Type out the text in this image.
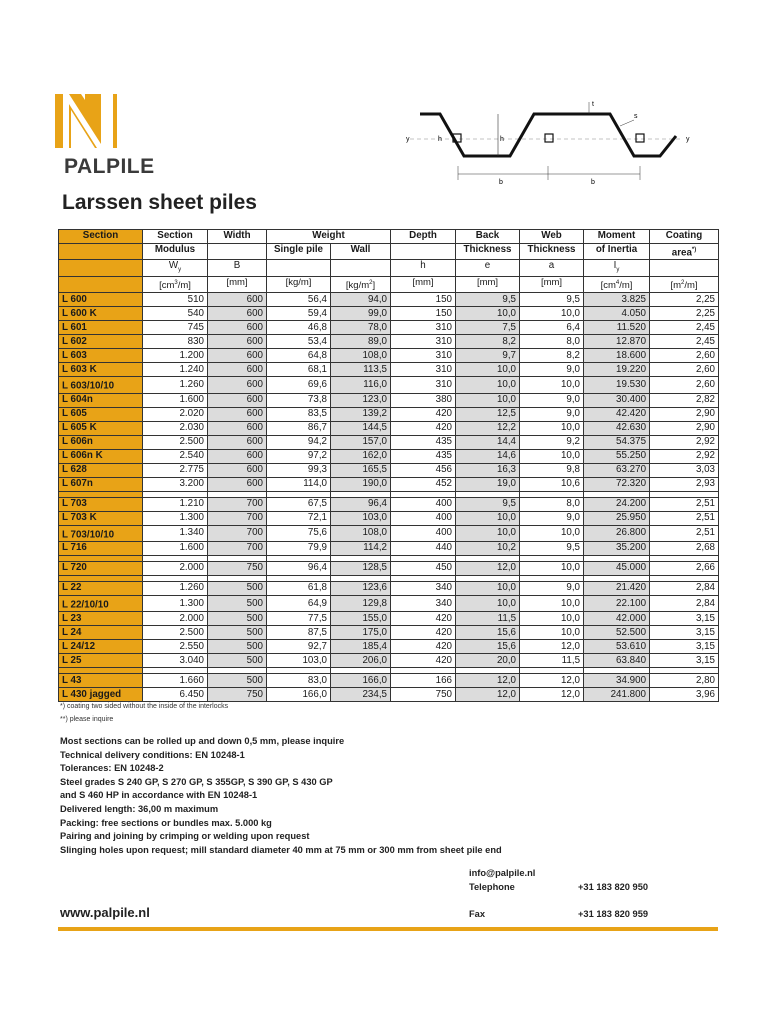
PALPILE
y	y
h	h
t
s
b	b
Larssen sheet piles
Section	Section	Width	Weight		Depth	Back	Web	Moment	Coating
	Modulus		Single pile	Wall		Thickness	Thickness	of Inertia	area*)
	$W_y$	B			h	e	a	$I_y$	
	$[cm^3/m]$	[mm]	[kg/m]	$[kg/m^2]$	[mm]	[mm]	[mm]	$[cm^4/m]$	$[m^2/m]$
L 600	510	600	56,4	94,0	150	9,5	9,5	3.825	2,25
L 600 K	540	600	59,4	99,0	150	10,0	10,0	4.050	2,25
L 601	745	600	46,8	78,0	310	7,5	6,4	11.520	2,45
L 602	830	600	53,4	89,0	310	8,2	8,0	12.870	2,45
L 603	1.200	600	64,8	108,0	310	9,7	8,2	18.600	2,60
L 603 K	1.240	600	68,1	113,5	310	10,0	9,0	19.220	2,60
L 603/10/10	1.260	600	69,6	116,0	310	10,0	10,0	19.530	2,60
L 604n	1.600	600	73,8	123,0	380	10,0	9,0	30.400	2,82
L 605	2.020	600	83,5	139,2	420	12,5	9,0	42.420	2,90
L 605 K	2.030	600	86,7	144,5	420	12,2	10,0	42.630	2,90
L 606n	2.500	600	94,2	157,0	435	14,4	9,2	54.375	2,92
L 606n K	2.540	600	97,2	162,0	435	14,6	10,0	55.250	2,92
L 628	2.775	600	99,3	165,5	456	16,3	9,8	63.270	3,03
L 607n	3.200	600	114,0	190,0	452	19,0	10,6	72.320	2,93

L 703	1.210	700	67,5	96,4	400	9,5	8,0	24.200	2,51
L 703 K	1.300	700	72,1	103,0	400	10,0	9,0	25.950	2,51
L 703/10/10	1.340	700	75,6	108,0	400	10,0	10,0	26.800	2,51
L 716	1.600	700	79,9	114,2	440	10,2	9,5	35.200	2,68

L 720	2.000	750	96,4	128,5	450	12,0	10,0	45.000	2,66

L 22	1.260	500	61,8	123,6	340	10,0	9,0	21.420	2,84
L 22/10/10	1.300	500	64,9	129,8	340	10,0	10,0	22.100	2,84
L 23	2.000	500	77,5	155,0	420	11,5	10,0	42.000	3,15
L 24	2.500	500	87,5	175,0	420	15,6	10,0	52.500	3,15
L 24/12	2.550	500	92,7	185,4	420	15,6	12,0	53.610	3,15
L 25	3.040	500	103,0	206,0	420	20,0	11,5	63.840	3,15

L 43	1.660	500	83,0	166,0	166	12,0	12,0	34.900	2,80
L 430 jagged	6.450	750	166,0	234,5	750	12,0	12,0	241.800	3,96
*) coating two sided without the inside of the interlocks
**) please inquire
Most sections can be rolled up and down 0,5 mm, please inquire
Technical delivery conditions: EN 10248-1
Tolerances: EN 10248-2
Steel grades S 240 GP, S 270 GP, S 355GP, S 390 GP, S 430 GP
and S 460 HP in accordance with EN 10248-1
Delivered length: 36,00 m maximum
Packing: free sections or bundles max. 5.000 kg
Pairing and joining by crimping or welding upon request
Slinging holes upon request; mill standard diameter 40 mm at 75 mm or 300 mm from sheet pile end
info@palpile.nl
Telephone	+31 183 820 950
Fax	+31 183 820 959
www.palpile.nl
